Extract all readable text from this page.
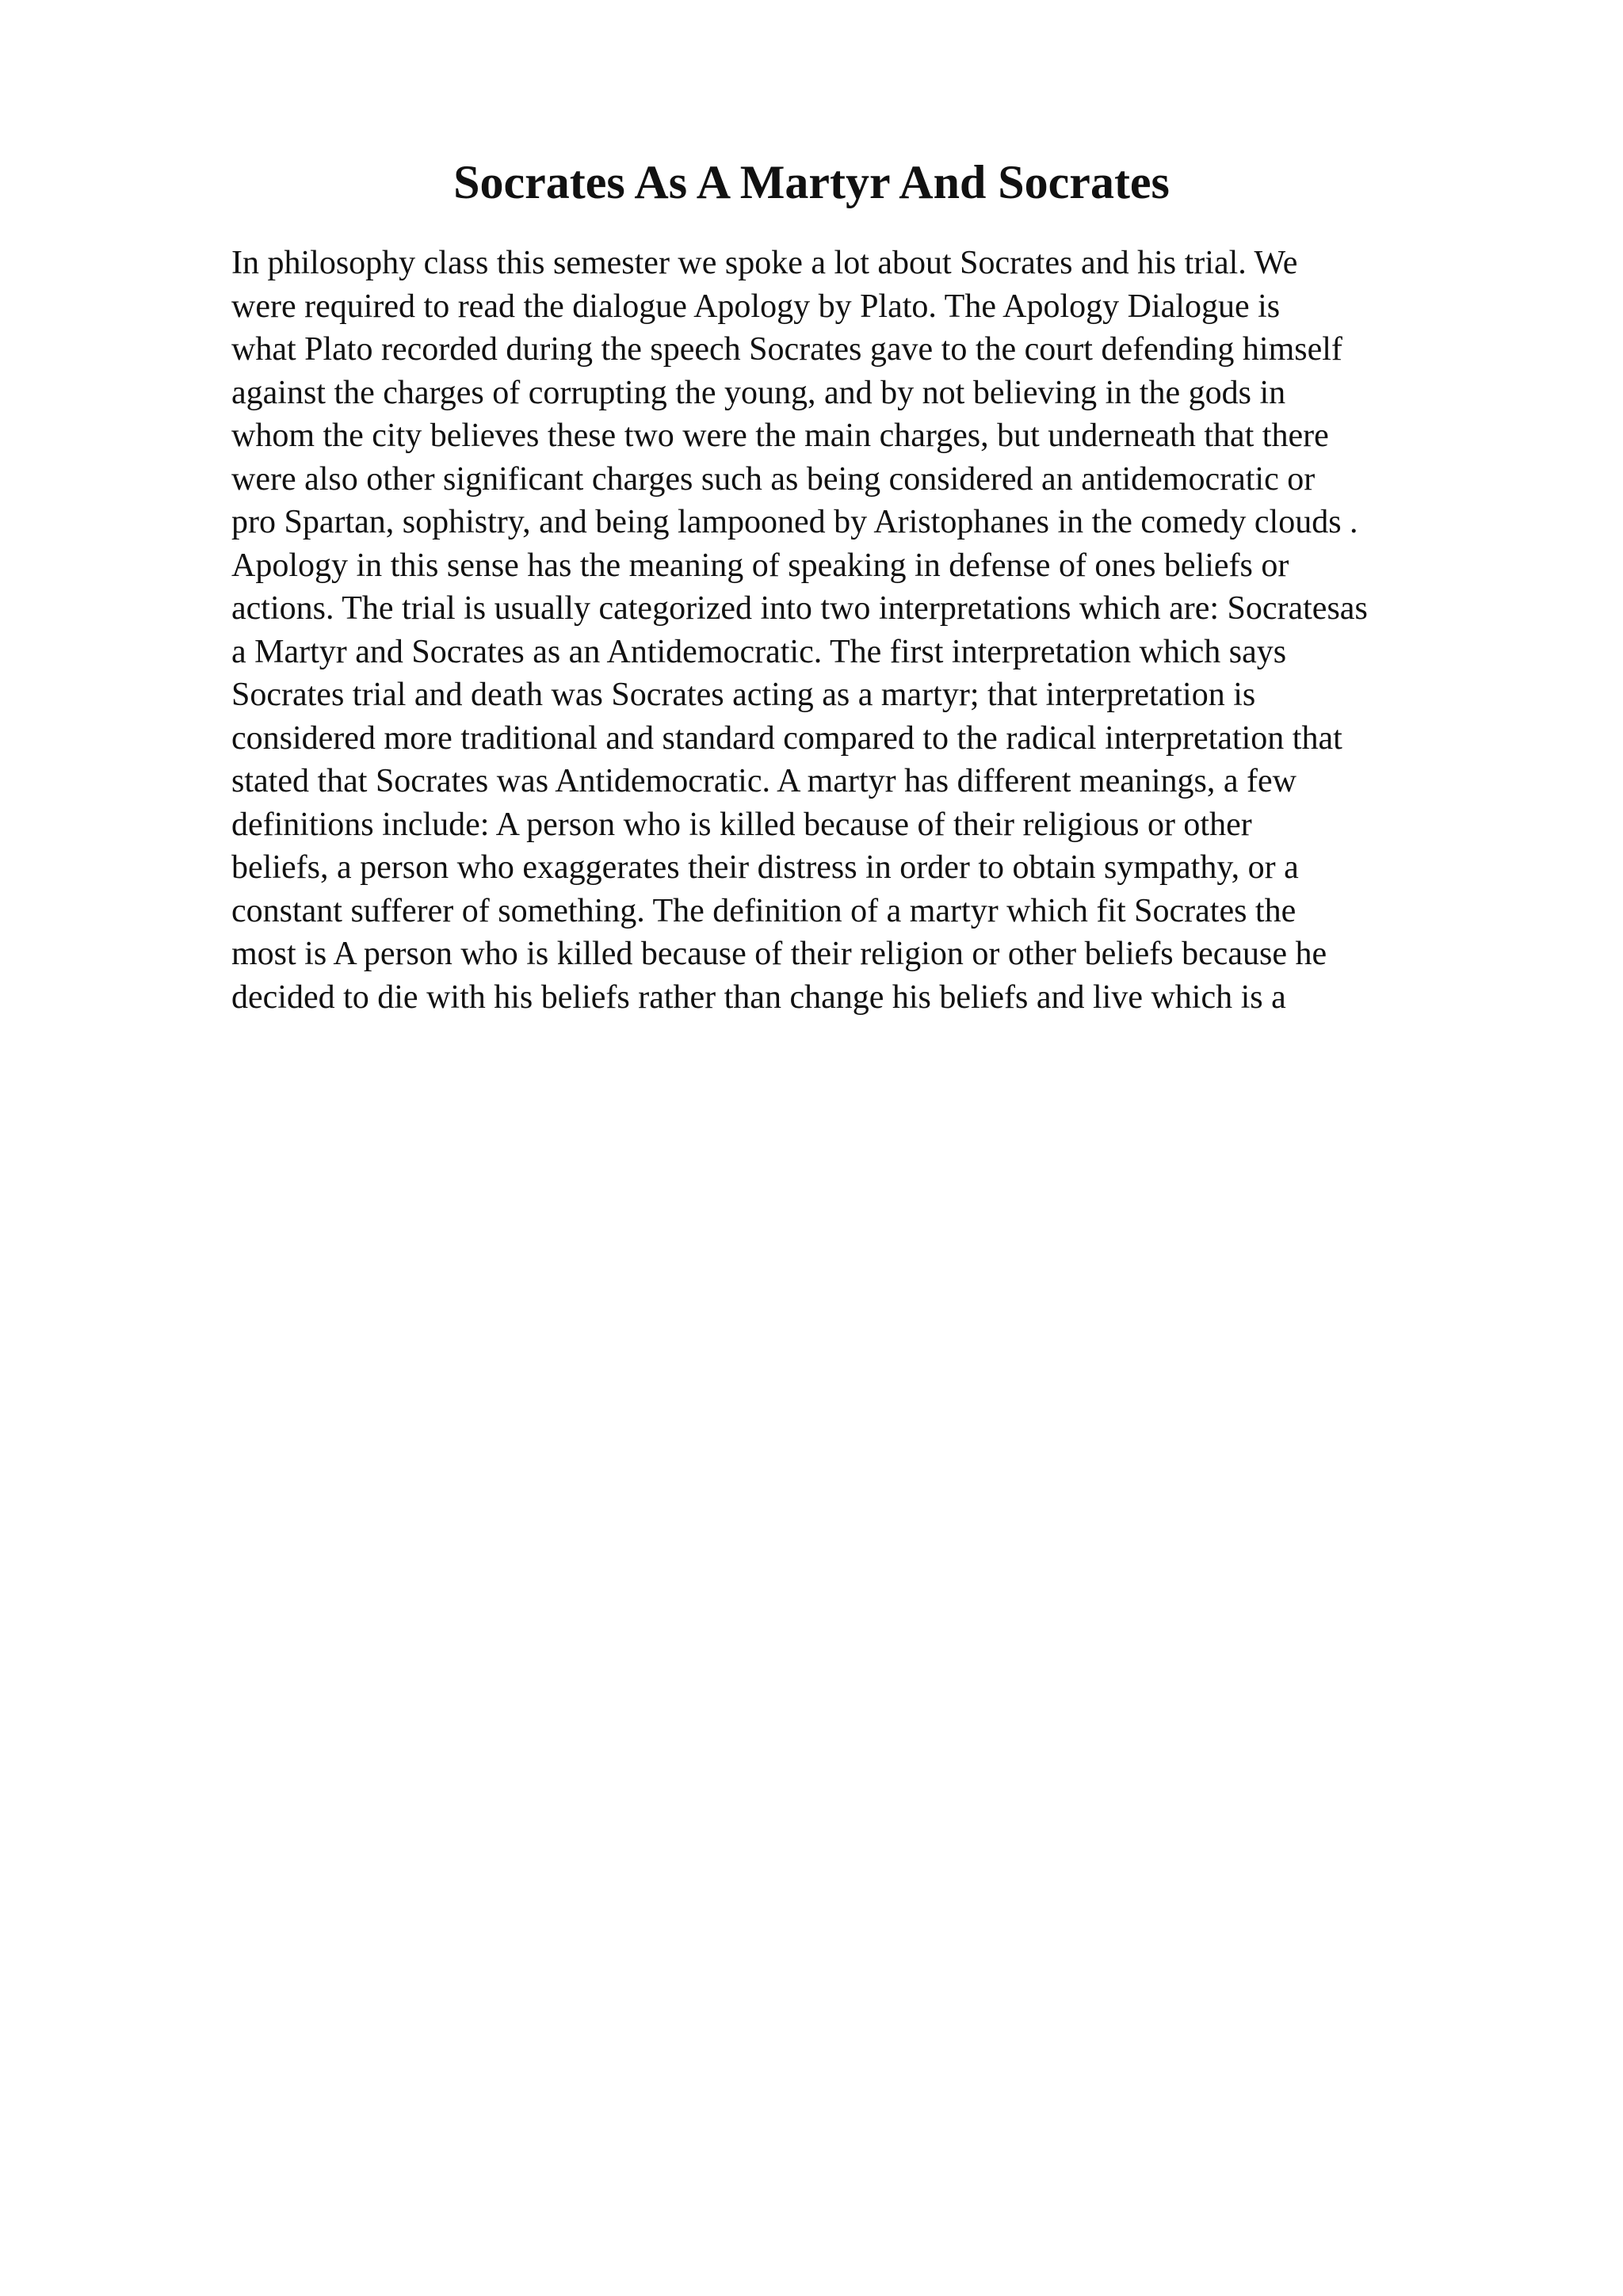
Socrates As A Martyr And Socrates
In philosophy class this semester we spoke a lot about Socrates and his trial. We
were required to read the dialogue Apology by Plato. The Apology Dialogue is
what Plato recorded during the speech Socrates gave to the court defending himself
against the charges of corrupting the young, and by not believing in the gods in
whom the city believes these two were the main charges, but underneath that there
were also other significant charges such as being considered an antidemocratic or
pro Spartan, sophistry, and being lampooned by Aristophanes in the comedy clouds .
Apology in this sense has the meaning of speaking in defense of ones beliefs or
actions. The trial is usually categorized into two interpretations which are: Socratesas
a Martyr and Socrates as an Antidemocratic. The first interpretation which says
Socrates trial and death was Socrates acting as a martyr; that interpretation is
considered more traditional and standard compared to the radical interpretation that
stated that Socrates was Antidemocratic. A martyr has different meanings, a few
definitions include: A person who is killed because of their religious or other
beliefs, a person who exaggerates their distress in order to obtain sympathy, or a
constant sufferer of something. The definition of a martyr which fit Socrates the
most is A person who is killed because of their religion or other beliefs because he
decided to die with his beliefs rather than change his beliefs and live which is a
